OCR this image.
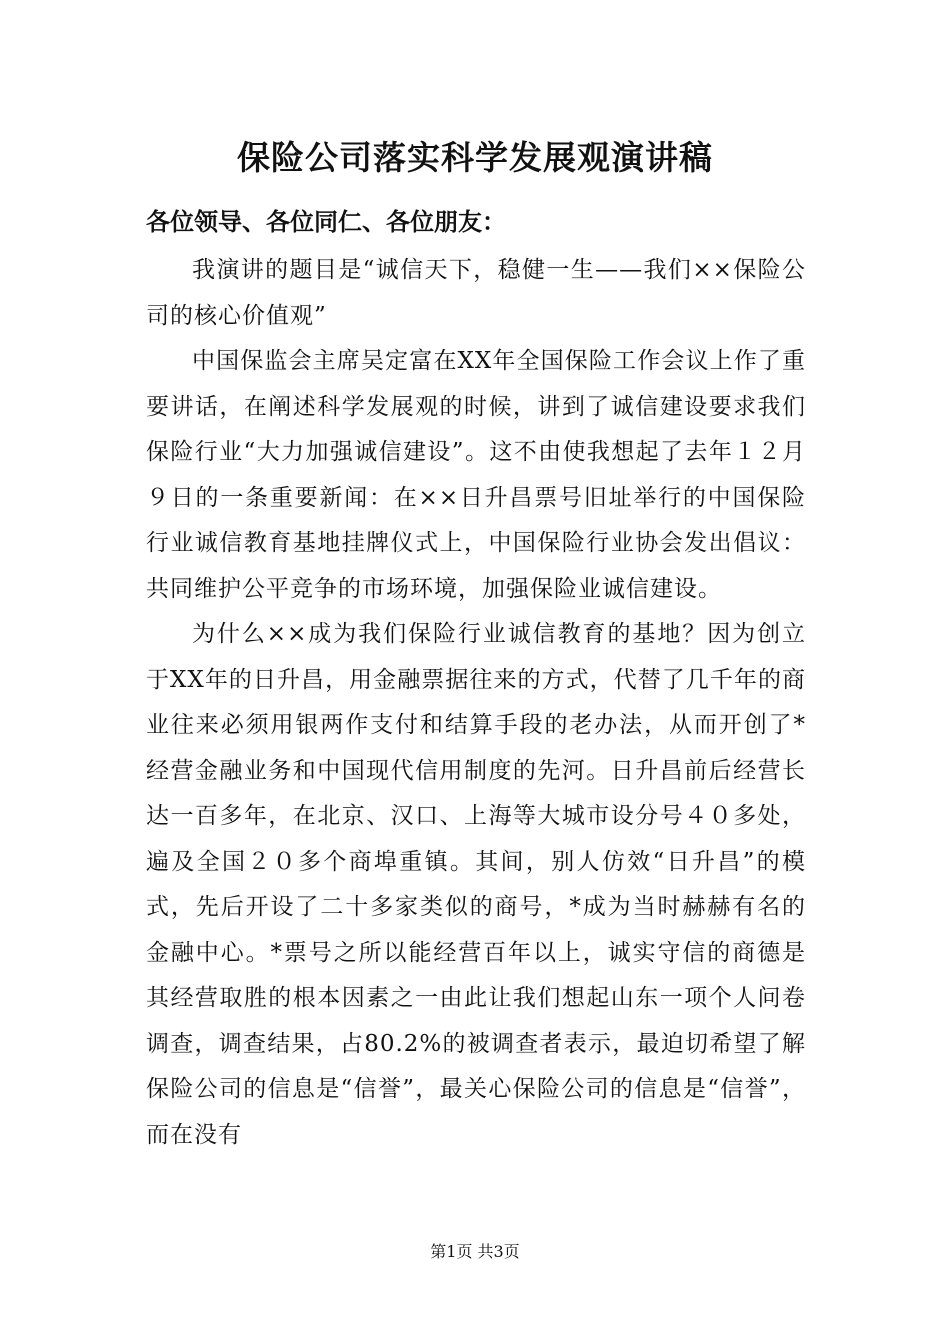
保险公司落实科学发展观演讲稿

各位领导、各位同仁、各位朋友：

我演讲的题目是“诚信天下，稳健一生——我们××保险公司的核心价值观”

中国保监会主席吴定富在XX年全国保险工作会议上作了重要讲话，在阐述科学发展观的时候，讲到了诚信建设要求我们保险行业“大力加强诚信建设”。这不由使我想起了去年１２月９日的一条重要新闻：在××日升昌票号旧址举行的中国保险行业诚信教育基地挂牌仪式上，中国保险行业协会发出倡议：共同维护公平竞争的市场环境，加强保险业诚信建设。

为什么××成为我们保险行业诚信教育的基地？因为创立于XX年的日升昌，用金融票据往来的方式，代替了几千年的商业往来必须用银两作支付和结算手段的老办法，从而开创了*经营金融业务和中国现代信用制度的先河。日升昌前后经营长达一百多年，在北京、汉口、上海等大城市设分号４０多处，遍及全国２０多个商埠重镇。其间，别人仿效“日升昌”的模式，先后开设了二十多家类似的商号，*成为当时赫赫有名的金融中心。*票号之所以能经营百年以上，诚实守信的商德是其经营取胜的根本因素之一由此让我们想起山东一项个人问卷调查，调查结果，占80.2%的被调查者表示，最迫切希望了解保险公司的信息是“信誉”，最关心保险公司的信息是“信誉”，而在没有

第1页 共3页
